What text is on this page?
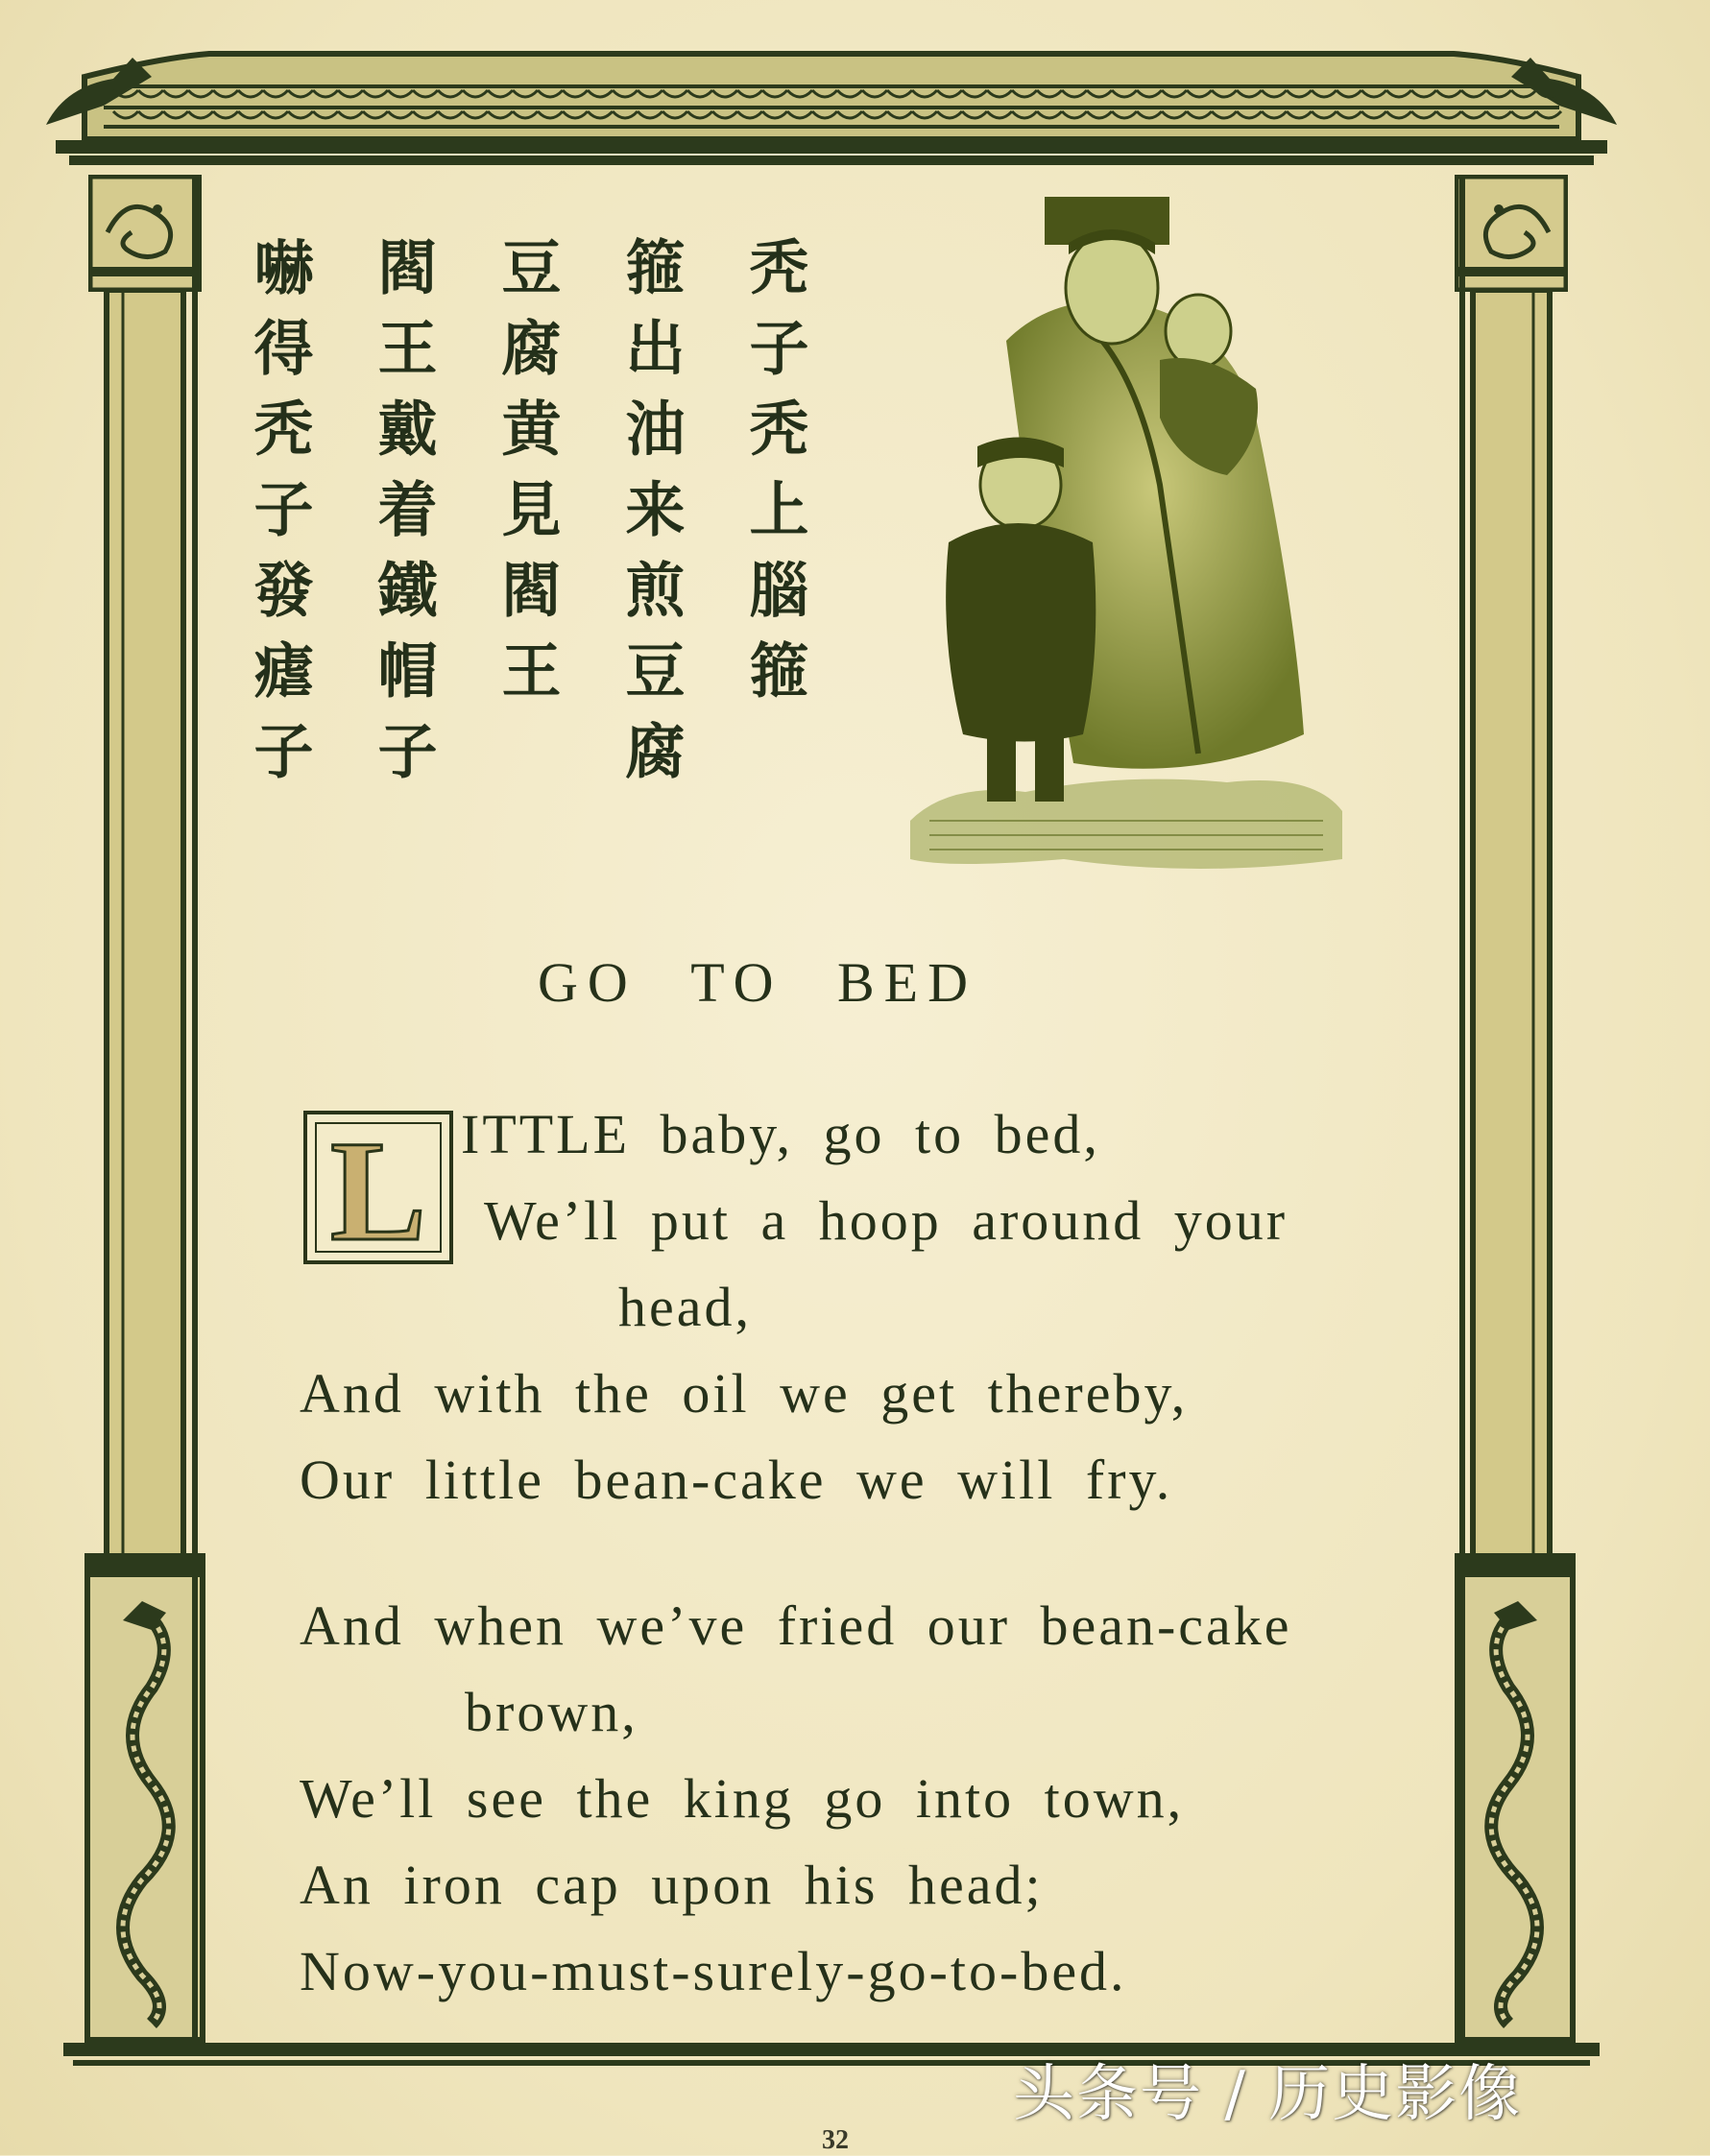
秃子秃上腦箍
箍出油来煎豆腐
豆腐黄見閻王
閻王戴着鐵帽子
嚇得秃子發瘧子
GO TO BED
L ITTLE baby, go to bed,
We’ll put a hoop around your
head,
And with the oil we get thereby,
Our little bean-cake we will fry.
And when we’ve fried our bean-cake
brown,
We’ll see the king go into town,
An iron cap upon his head;
Now-you-must-surely-go-to-bed.
32
头条号 / 历史影像
